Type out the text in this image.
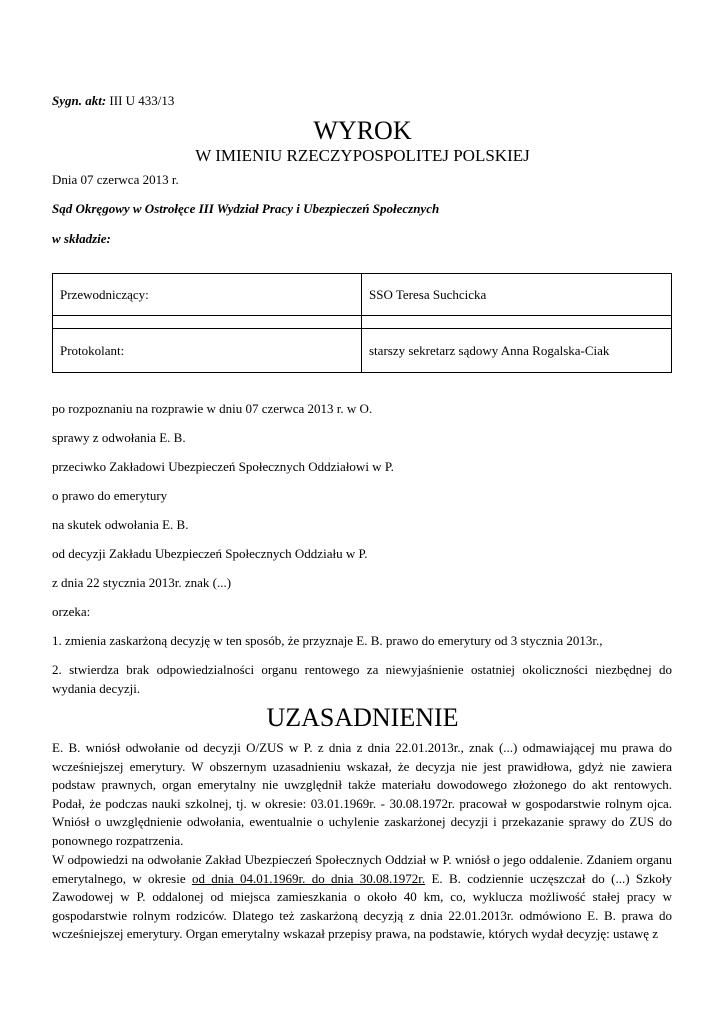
Sygn. akt: III U 433/13
WYROK
W IMIENIU RZECZYPOSPOLITEJ POLSKIEJ
Dnia 07 czerwca 2013 r.
Sąd Okręgowy w Ostrołęce III Wydział Pracy i Ubezpieczeń Społecznych
w składzie:
Przewodniczący:	SSO Teresa Suchcicka

Protokolant:	starszy sekretarz sądowy Anna Rogalska-Ciak
po rozpoznaniu na rozprawie w dniu 07 czerwca 2013 r. w O.
sprawy z odwołania E. B.
przeciwko Zakładowi Ubezpieczeń Społecznych Oddziałowi w P.
o prawo do emerytury
na skutek odwołania E. B.
od decyzji Zakładu Ubezpieczeń Społecznych Oddziału w P.
z dnia 22 stycznia 2013r. znak (...)
orzeka:
1. zmienia zaskarżoną decyzję w ten sposób, że przyznaje E. B. prawo do emerytury od 3 stycznia 2013r.,
2. stwierdza brak odpowiedzialności organu rentowego za niewyjaśnienie ostatniej okoliczności niezbędnej do wydania decyzji.
UZASADNIENIE
E. B. wniósł odwołanie od decyzji O/ZUS w P. z dnia z dnia 22.01.2013r., znak (...) odmawiającej mu prawa do wcześniejszej emerytury. W obszernym uzasadnieniu wskazał, że decyzja nie jest prawidłowa, gdyż nie zawiera podstaw prawnych, organ emerytalny nie uwzględnił także materiału dowodowego złożonego do akt rentowych. Podał, że podczas nauki szkolnej, tj. w okresie: 03.01.1969r. - 30.08.1972r. pracował w gospodarstwie rolnym ojca. Wniósł o uwzględnienie odwołania, ewentualnie o uchylenie zaskarżonej decyzji i przekazanie sprawy do ZUS do ponownego rozpatrzenia.
W odpowiedzi na odwołanie Zakład Ubezpieczeń Społecznych Oddział w P. wniósł o jego oddalenie. Zdaniem organu emerytalnego, w okresie od dnia 04.01.1969r. do dnia 30.08.1972r. E. B. codziennie uczęszczał do (...) Szkoły Zawodowej w P. oddalonej od miejsca zamieszkania o około 40 km, co, wyklucza możliwość stałej pracy w gospodarstwie rolnym rodziców. Dlatego też zaskarżoną decyzją z dnia 22.01.2013r. odmówiono E. B. prawa do wcześniejszej emerytury. Organ emerytalny wskazał przepisy prawa, na podstawie, których wydał decyzję: ustawę z
